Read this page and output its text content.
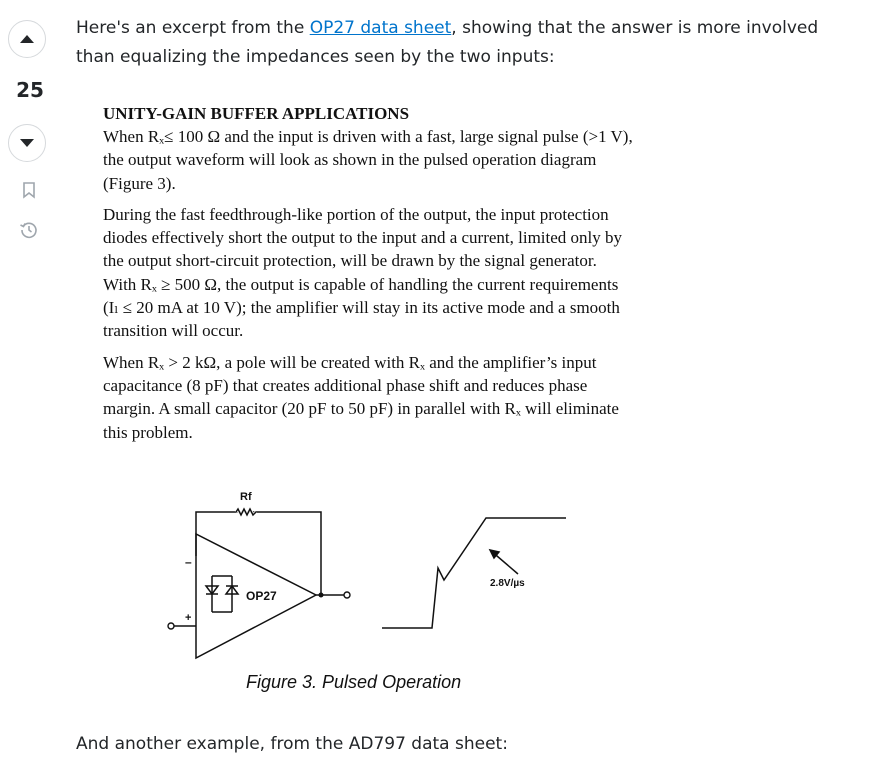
25
Here's an excerpt from the OP27 data sheet, showing that the answer is more involved than equalizing the impedances seen by the two inputs:
UNITY-GAIN BUFFER APPLICATIONS

When Rₓ≤ 100 Ω and the input is driven with a fast, large signal pulse (>1 V), the output waveform will look as shown in the pulsed operation diagram (Figure 3).

During the fast feedthrough-like portion of the output, the input protection diodes effectively short the output to the input and a current, limited only by the output short-circuit protection, will be drawn by the signal generator. With Rₓ ≥ 500 Ω, the output is capable of handling the current requirements (Iₗ ≤ 20 mA at 10 V); the amplifier will stay in its active mode and a smooth transition will occur.

When Rₓ > 2 kΩ, a pole will be created with Rₓ and the amplifier’s input capacitance (8 pF) that creates additional phase shift and reduces phase margin. A small capacitor (20 pF to 50 pF) in parallel with Rₓ will eliminate this problem.

Rf
OP27
2.8V/µs
–
+
Figure 3. Pulsed Operation
And another example, from the AD797 data sheet:
